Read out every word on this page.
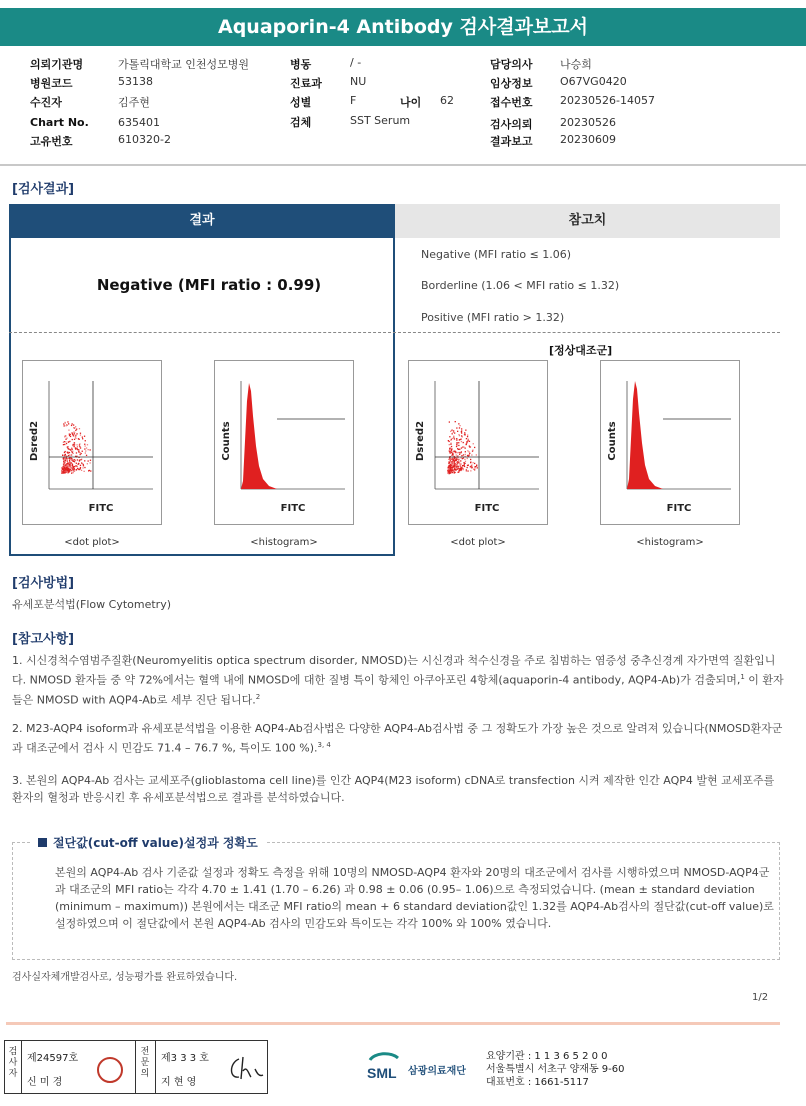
Aquaporin-4 Antibody 검사결과보고서
의뢰기관명	가톨릭대학교 인천성모병원
병원코드	53138
수진자	김주현
Chart No.	635401
고유번호	610320-2
병동	/ -
진료과	NU
성별	F	나이 62
검체	SST Serum
담당의사 나승희
임상정보 O67VG0420
접수번호 20230526-14057
검사의뢰 20230526
결과보고 20230609
[검사결과]
결과	참고치
Negative (MFI ratio : 0.99)
Negative (MFI ratio ≤ 1.06)
Borderline (1.06 < MFI ratio ≤ 1.32)
Positive (MFI ratio > 1.32)
[정상대조군]
Dsred2
FITC
<dot plot>
Counts
FITC
<histogram>
Dsred2
FITC
<dot plot>
Counts
FITC
<histogram>
[검사방법]
유세포분석법(Flow Cytometry)
[참고사항]
1. 시신경척수염범주질환(Neuromyelitis optica spectrum disorder, NMOSD)는 시신경과 척수신경을 주로 침범하는 염증성 중추신경계 자가면역 질환입니다. NMOSD 환자들 중 약 72%에서는 혈액 내에 NMOSD에 대한 질병 특이 항체인 아쿠아포린 4항체(aquaporin-4 antibody, AQP4-Ab)가 검출되며,$^1$ 이 환자들은 NMOSD with AQP4-Ab로 세부 진단 됩니다.$^2$
2. M23-AQP4 isoform과 유세포분석법을 이용한 AQP4-Ab검사법은 다양한 AQP4-Ab검사법 중 그 정확도가 가장 높은 것으로 알려져 있습니다(NMOSD환자군과 대조군에서 검사 시 민감도 71.4 – 76.7 %, 특이도 100 %).$^{3, 4}$
3. 본원의 AQP4-Ab 검사는 교세포주(glioblastoma cell line)를 인간 AQP4(M23 isoform) cDNA로 transfection 시켜 제작한 인간 AQP4 발현 교세포주를 환자의 혈청과 반응시킨 후 유세포분석법으로 결과를 분석하였습니다.
절단값(cut-off value)설정과 정확도
본원의 AQP4-Ab 검사 기준값 설정과 정확도 측정을 위해 10명의 NMOSD-AQP4 환자와 20명의 대조군에서 검사를 시행하였으며 NMOSD-AQP4군과 대조군의 MFI ratio는 각각 4.70 ± 1.41 (1.70 – 6.26) 과 0.98 ± 0.06 (0.95– 1.06)으로 측정되었습니다. (mean ± standard deviation (minimum – maximum)) 본원에서는 대조군 MFI ratio의 mean + 6 standard deviation값인 1.32를 AQP4-Ab검사의 절단값(cut-off value)로 설정하였으며 이 절단값에서 본원 AQP4-Ab 검사의 민감도와 특이도는 각각 100% 와 100% 였습니다.
검사실자체개발검사로, 성능평가를 완료하였습니다.
1/2
검사자
제24597호
신 미 경
전문의
제3 3 3 호
지 현 영
SML 삼광의료재단
요양기관 : 1 1 3 6 5 2 0 0
서울특별시 서초구 양재동 9-60
대표번호 : 1661-5117
